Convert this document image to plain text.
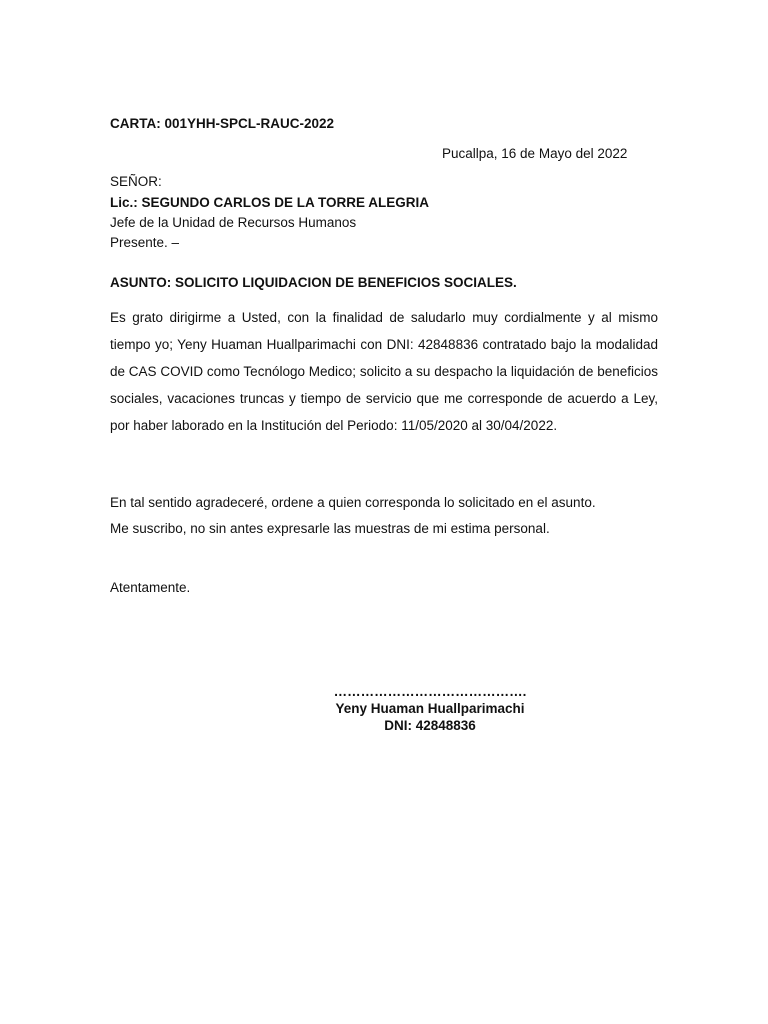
CARTA: 001YHH-SPCL-RAUC-2022
Pucallpa, 16 de Mayo del 2022
SEÑOR:
Lic.: SEGUNDO CARLOS DE LA TORRE ALEGRIA
Jefe de la Unidad de Recursos Humanos
Presente. –
ASUNTO: SOLICITO LIQUIDACION DE BENEFICIOS SOCIALES.
Es grato dirigirme a Usted, con la finalidad de saludarlo muy cordialmente y al mismo tiempo yo; Yeny Huaman Huallparimachi con DNI: 42848836 contratado bajo la modalidad de CAS COVID como Tecnólogo Medico; solicito a su despacho la liquidación de beneficios sociales, vacaciones truncas y tiempo de servicio que me corresponde de acuerdo a Ley, por haber laborado en la Institución del Periodo: 11/05/2020 al 30/04/2022.
En tal sentido agradeceré, ordene a quien corresponda lo solicitado en el asunto.
Me suscribo, no sin antes expresarle las muestras de mi estima personal.
Atentamente.
…………………………………….
Yeny Huaman Huallparimachi
DNI: 42848836
